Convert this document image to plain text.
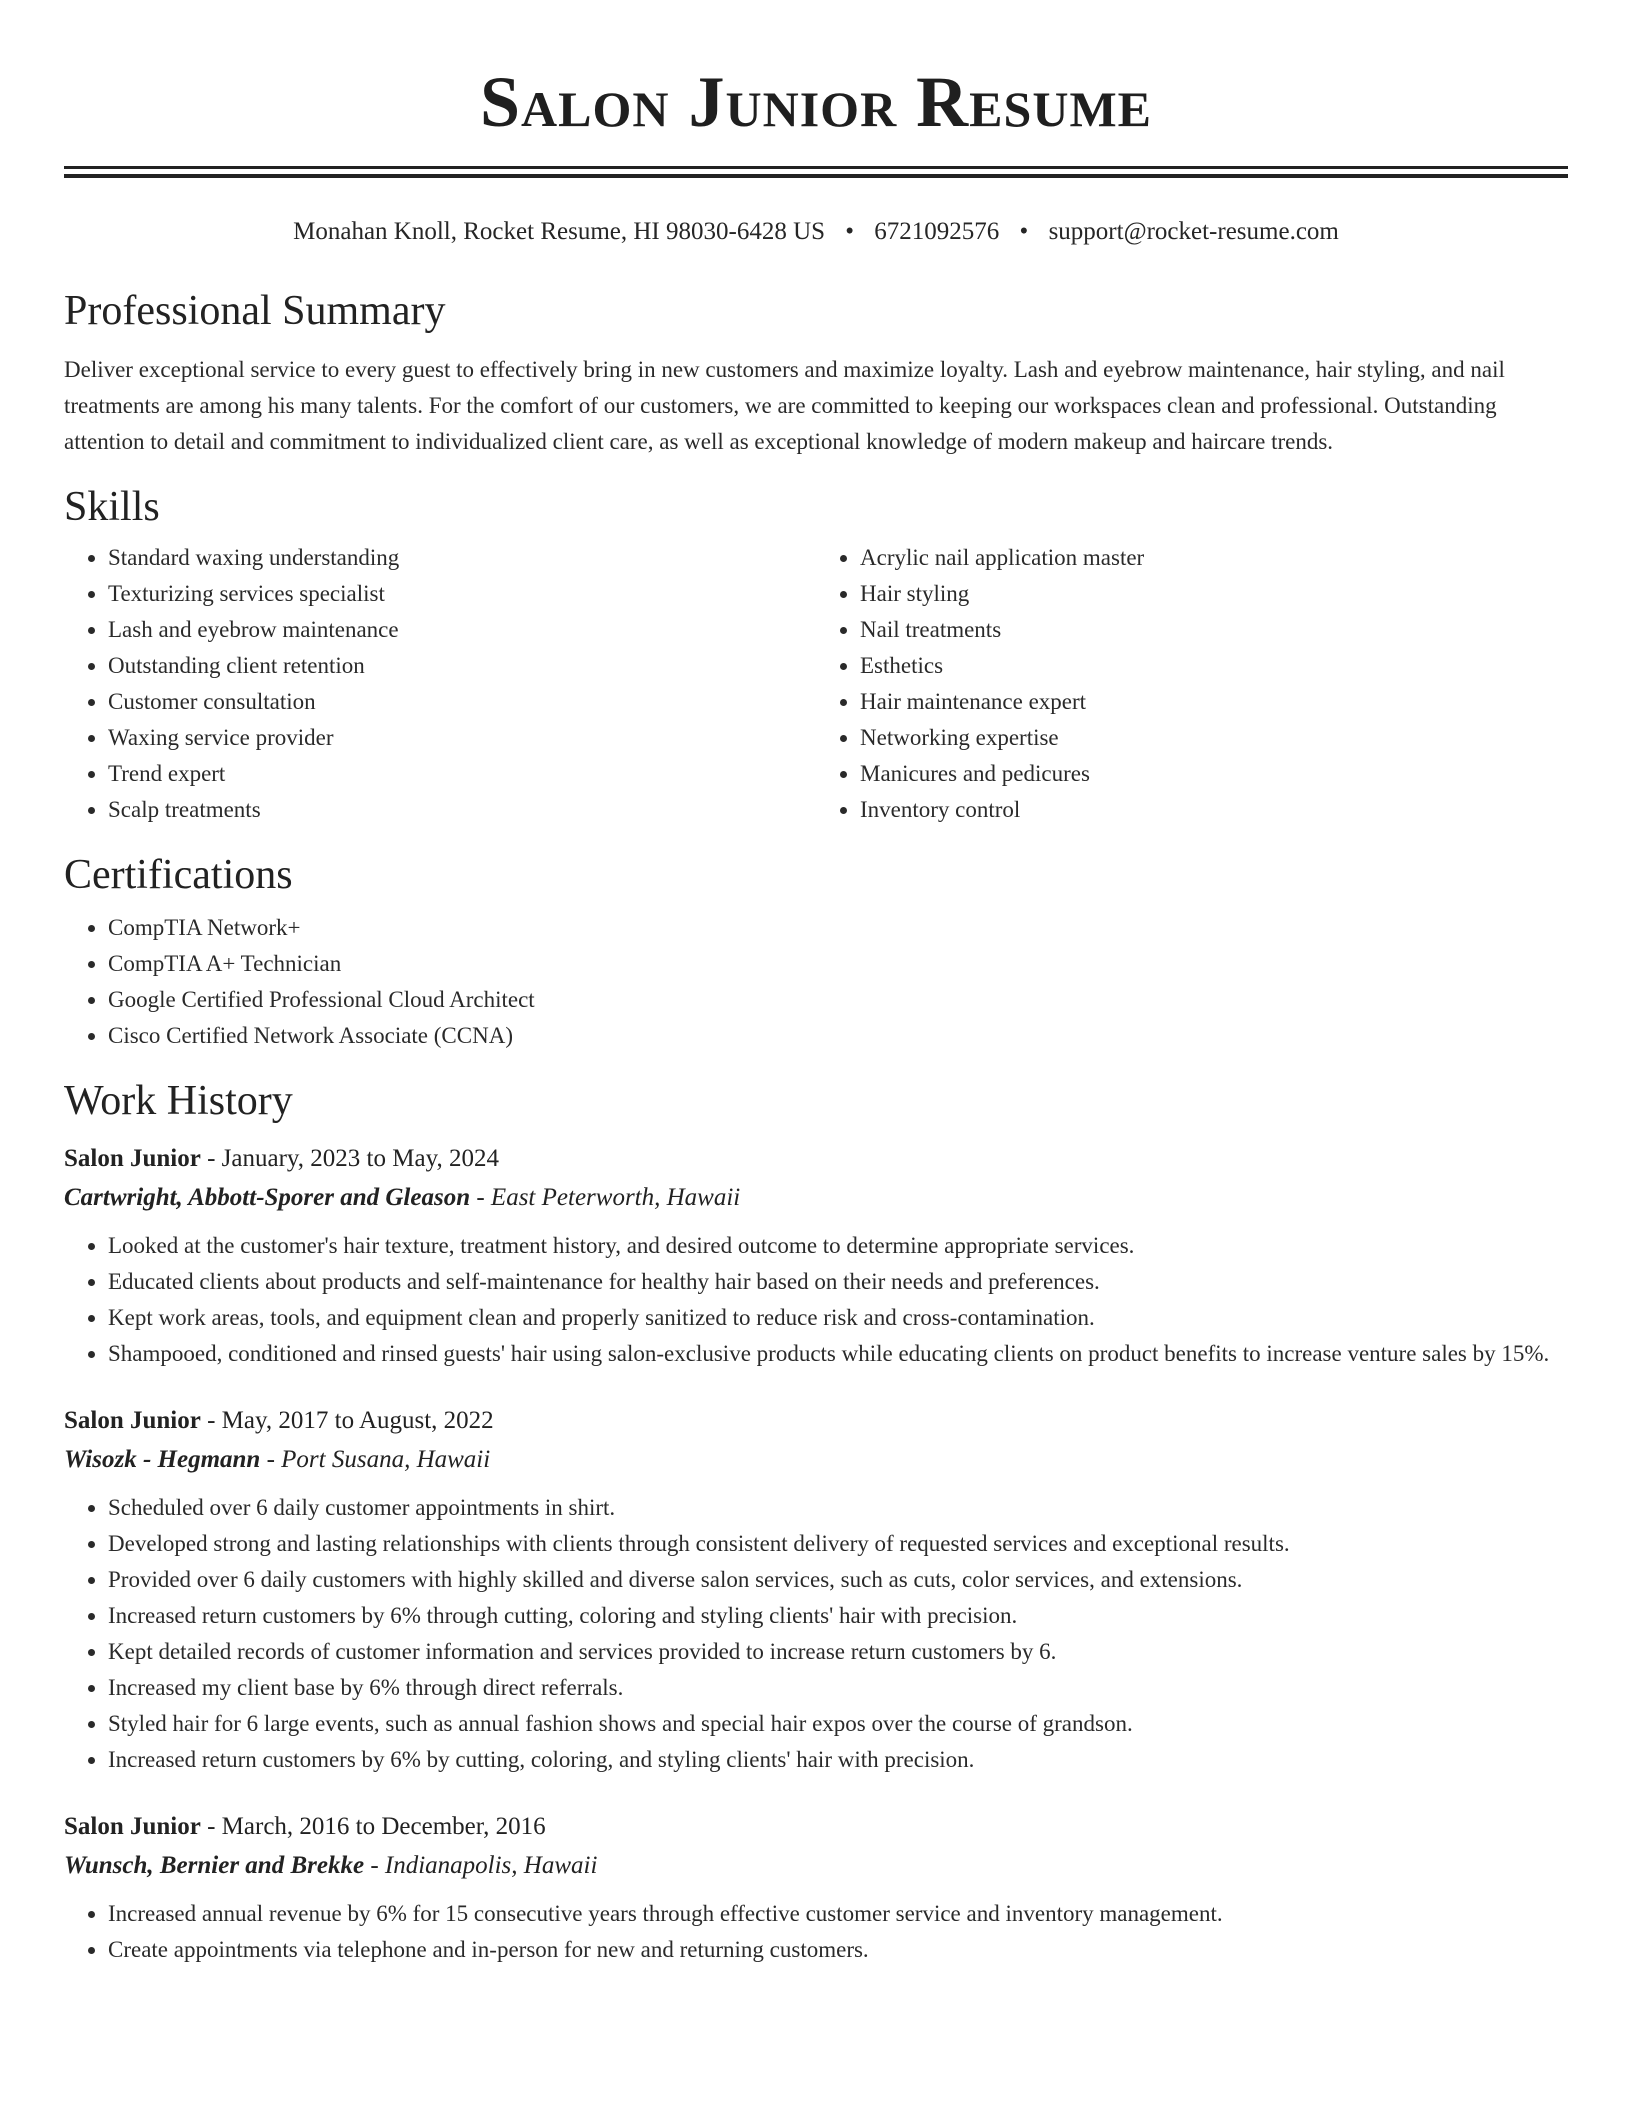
Salon Junior Resume
Monahan Knoll, Rocket Resume, HI 98030-6428 US • 6721092576 • support@rocket-resume.com
Professional Summary
Deliver exceptional service to every guest to effectively bring in new customers and maximize loyalty. Lash and eyebrow maintenance, hair styling, and nail treatments are among his many talents. For the comfort of our customers, we are committed to keeping our workspaces clean and professional. Outstanding attention to detail and commitment to individualized client care, as well as exceptional knowledge of modern makeup and haircare trends.
Skills
• Standard waxing understanding
• Texturizing services specialist
• Lash and eyebrow maintenance
• Outstanding client retention
• Customer consultation
• Waxing service provider
• Trend expert
• Scalp treatments
• Acrylic nail application master
• Hair styling
• Nail treatments
• Esthetics
• Hair maintenance expert
• Networking expertise
• Manicures and pedicures
• Inventory control
Certifications
• CompTIA Network+
• CompTIA A+ Technician
• Google Certified Professional Cloud Architect
• Cisco Certified Network Associate (CCNA)
Work History
Salon Junior - January, 2023 to May, 2024
Cartwright, Abbott-Sporer and Gleason - East Peterworth, Hawaii
• Looked at the customer's hair texture, treatment history, and desired outcome to determine appropriate services.
• Educated clients about products and self-maintenance for healthy hair based on their needs and preferences.
• Kept work areas, tools, and equipment clean and properly sanitized to reduce risk and cross-contamination.
• Shampooed, conditioned and rinsed guests' hair using salon-exclusive products while educating clients on product benefits to increase venture sales by 15%.
Salon Junior - May, 2017 to August, 2022
Wisozk - Hegmann - Port Susana, Hawaii
• Scheduled over 6 daily customer appointments in shirt.
• Developed strong and lasting relationships with clients through consistent delivery of requested services and exceptional results.
• Provided over 6 daily customers with highly skilled and diverse salon services, such as cuts, color services, and extensions.
• Increased return customers by 6% through cutting, coloring and styling clients' hair with precision.
• Kept detailed records of customer information and services provided to increase return customers by 6.
• Increased my client base by 6% through direct referrals.
• Styled hair for 6 large events, such as annual fashion shows and special hair expos over the course of grandson.
• Increased return customers by 6% by cutting, coloring, and styling clients' hair with precision.
Salon Junior - March, 2016 to December, 2016
Wunsch, Bernier and Brekke - Indianapolis, Hawaii
• Increased annual revenue by 6% for 15 consecutive years through effective customer service and inventory management.
• Create appointments via telephone and in-person for new and returning customers.
